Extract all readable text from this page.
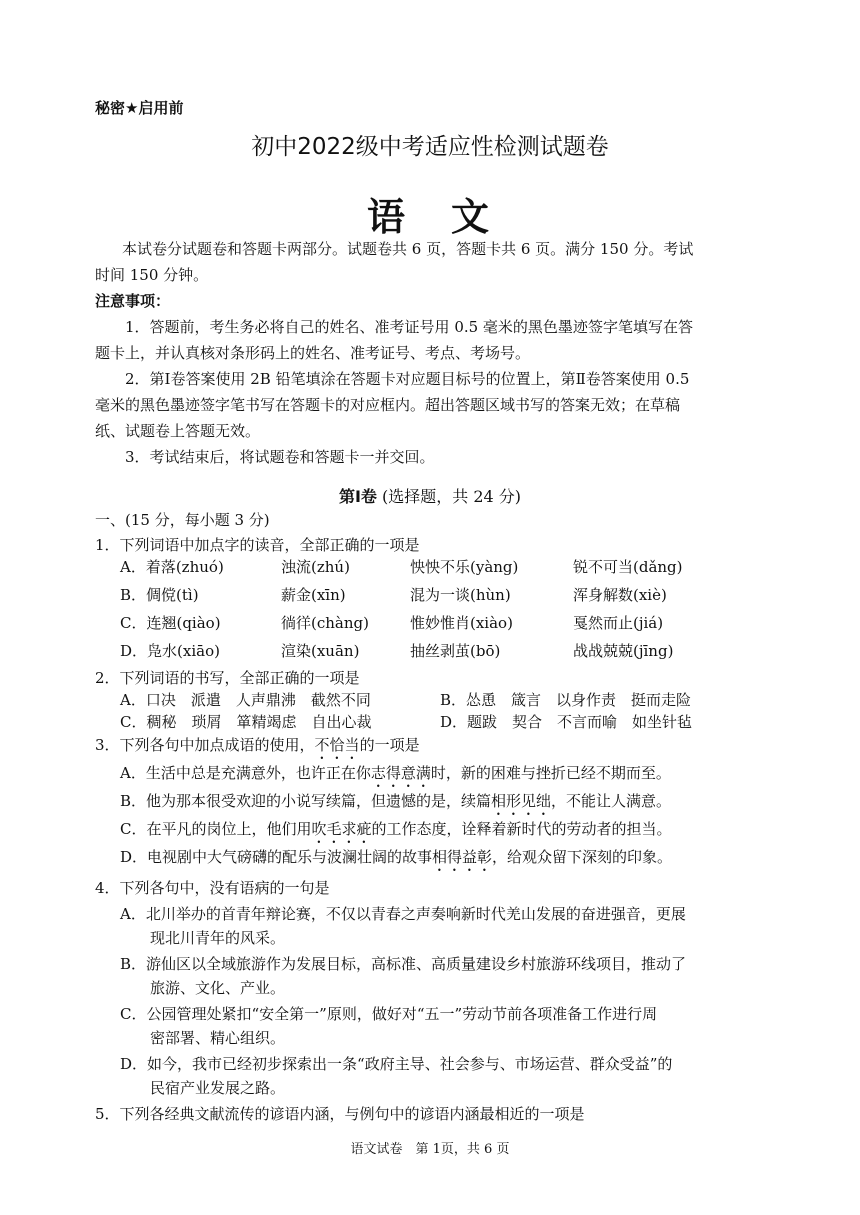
秘密★启用前
初中2022级中考适应性检测试题卷
语　文
本试卷分试题卷和答题卡两部分。试题卷共 6 页，答题卡共 6 页。满分 150 分。考试
时间 150 分钟。
注意事项：
1．答题前，考生务必将自己的姓名、准考证号用 0.5 毫米的黑色墨迹签字笔填写在答
题卡上，并认真核对条形码上的姓名、准考证号、考点、考场号。
2．第Ⅰ卷答案使用 2B 铅笔填涂在答题卡对应题目标号的位置上，第Ⅱ卷答案使用 0.5
毫米的黑色墨迹签字笔书写在答题卡的对应框内。超出答题区域书写的答案无效；在草稿
纸、试题卷上答题无效。
3．考试结束后，将试题卷和答题卡一并交回。
第Ⅰ卷 (选择题，共 24 分)
一、(15 分，每小题 3 分)
1．下列词语中加点字的读音，全部正确的一项是
A．着落(zhuó)	浊流(zhú)	怏怏不乐(yàng)	锐不可当(dǎng)
B．倜傥(tì)	薪金(xīn)	混为一谈(hùn)	浑身解数(xiè)
C．连翘(qiào)	徜徉(chàng)	惟妙惟肖(xiào)	戛然而止(jiá)
D．凫水(xiāo)	渲染(xuān)	抽丝剥茧(bō)	战战兢兢(jīng)
2．下列词语的书写，全部正确的一项是
A．口决　派遣　人声鼎沸　截然不同	B．怂恿　箴言　以身作责　挺而走险
C．稠秘　琐屑　箪精竭虑　自出心裁	D．题跋　契合　不言而喻　如坐针毡
3．下列各句中加点成语的使用，不恰当的一项是
A．生活中总是充满意外，也许正在你志得意满时，新的困难与挫折已经不期而至。
B．他为那本很受欢迎的小说写续篇，但遗憾的是，续篇相形见绌，不能让人满意。
C．在平凡的岗位上，他们用吹毛求疵的工作态度，诠释着新时代的劳动者的担当。
D．电视剧中大气磅礴的配乐与波澜壮阔的故事相得益彰，给观众留下深刻的印象。
4．下列各句中，没有语病的一句是
A．北川举办的首青年辩论赛，不仅以青春之声奏响新时代羌山发展的奋进强音，更展
现北川青年的风采。
B．游仙区以全域旅游作为发展目标，高标准、高质量建设乡村旅游环线项目，推动了
旅游、文化、产业。
C．公园管理处紧扣“安全第一”原则，做好对“五一”劳动节前各项准备工作进行周
密部署、精心组织。
D．如今，我市已经初步探索出一条“政府主导、社会参与、市场运营、群众受益”的
民宿产业发展之路。
5．下列各经典文献流传的谚语内涵，与例句中的谚语内涵最相近的一项是
语文试卷　第 1页，共 6 页
